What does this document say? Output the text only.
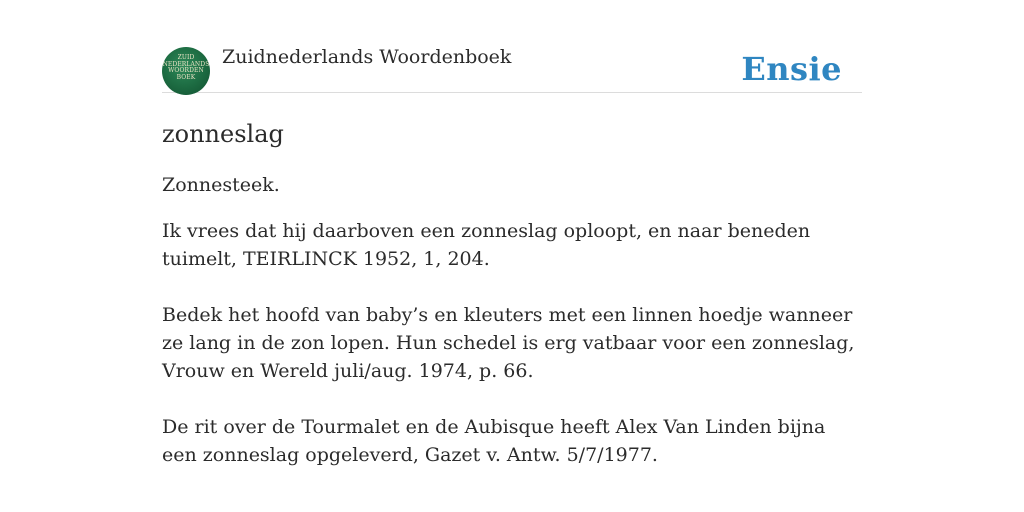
ZUID
NEDERLANDS
WOORDEN
BOEK
Zuidnederlands Woordenboek	Ensie
zonneslag
Zonnesteek.
Ik vrees dat hij daarboven een zonneslag oploopt, en naar beneden tuimelt, TEIRLINCK 1952, 1, 204.
Bedek het hoofd van baby’s en kleuters met een linnen hoedje wanneer ze lang in de zon lopen. Hun schedel is erg vatbaar voor een zonneslag, Vrouw en Wereld juli/aug. 1974, p. 66.
De rit over de Tourmalet en de Aubisque heeft Alex Van Linden bijna een zonneslag opgeleverd, Gazet v. Antw. 5/7/1977.
